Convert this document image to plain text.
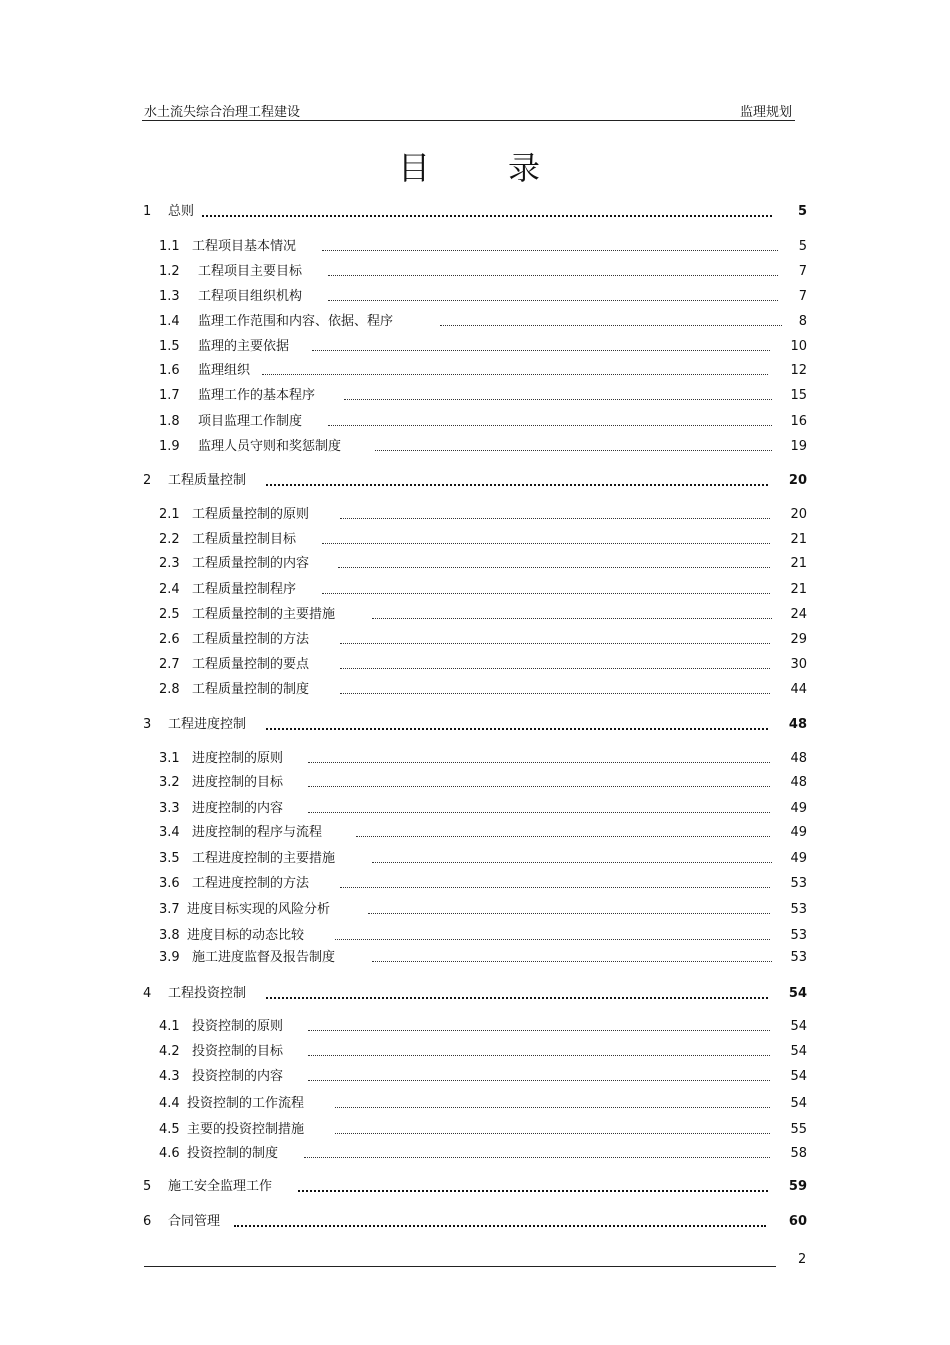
水土流失综合治理工程建设	监理规划
目 录
1 总则	5
1.1 工程项目基本情况	5
1.2 工程项目主要目标	7
1.3 工程项目组织机构	7
1.4 监理工作范围和内容、依据、程序	8
1.5 监理的主要依据	10
1.6 监理组织	12
1.7 监理工作的基本程序	15
1.8 项目监理工作制度	16
1.9 监理人员守则和奖惩制度	19
2 工程质量控制	20
2.1 工程质量控制的原则	20
2.2 工程质量控制目标	21
2.3 工程质量控制的内容	21
2.4 工程质量控制程序	21
2.5 工程质量控制的主要措施	24
2.6 工程质量控制的方法	29
2.7 工程质量控制的要点	30
2.8 工程质量控制的制度	44
3 工程进度控制	48
3.1 进度控制的原则	48
3.2 进度控制的目标	48
3.3 进度控制的内容	49
3.4 进度控制的程序与流程	49
3.5 工程进度控制的主要措施	49
3.6 工程进度控制的方法	53
3.7 进度目标实现的风险分析	53
3.8 进度目标的动态比较	53
3.9 施工进度监督及报告制度	53
4 工程投资控制	54
4.1 投资控制的原则	54
4.2 投资控制的目标	54
4.3 投资控制的内容	54
4.4 投资控制的工作流程	54
4.5 主要的投资控制措施	55
4.6 投资控制的制度	58
5 施工安全监理工作	59
6 合同管理	60
2
